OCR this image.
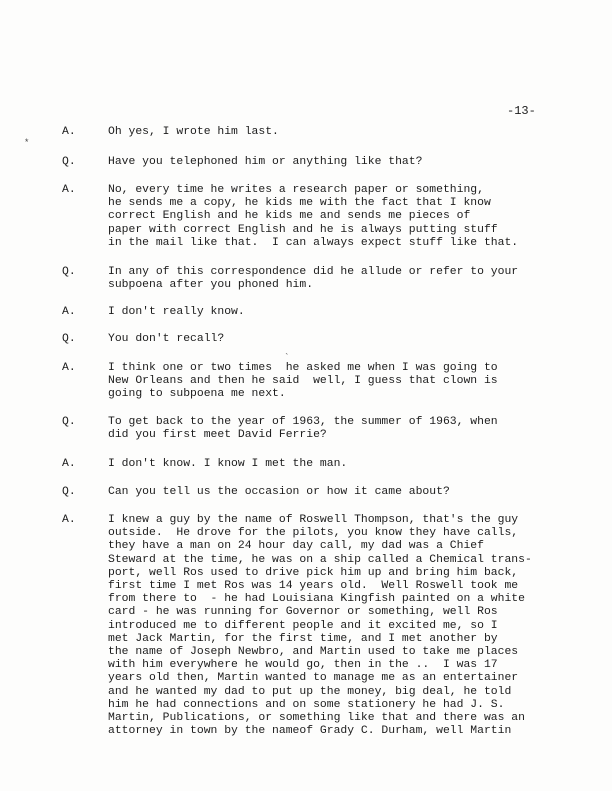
-13-
A.	Oh yes, I wrote him last.
Q.	Have you telephoned him or anything like that?
A.	No, every time he writes a research paper or something,
he sends me a copy, he kids me with the fact that I know
correct English and he kids me and sends me pieces of
paper with correct English and he is always putting stuff
in the mail like that.  I can always expect stuff like that.
Q.	In any of this correspondence did he allude or refer to your
subpoena after you phoned him.
A.	I don't really know.
Q.	You don't recall?
A.	I think one or two times  he asked me when I was going to
New Orleans and then he said  well, I guess that clown is
going to subpoena me next.
Q.	To get back to the year of 1963, the summer of 1963, when
did you first meet David Ferrie?
A.	I don't know. I know I met the man.
Q.	Can you tell us the occasion or how it came about?
A.	I knew a guy by the name of Roswell Thompson, that's the guy
outside.  He drove for the pilots, you know they have calls,
they have a man on 24 hour day call, my dad was a Chief
Steward at the time, he was on a ship called a Chemical trans-
port, well Ros used to drive pick him up and bring him back,
first time I met Ros was 14 years old.  Well Roswell took me
from there to  - he had Louisiana Kingfish painted on a white
card - he was running for Governor or something, well Ros
introduced me to different people and it excited me, so I
met Jack Martin, for the first time, and I met another by
the name of Joseph Newbro, and Martin used to take me places
with him everywhere he would go, then in the ..  I was 17
years old then, Martin wanted to manage me as an entertainer
and he wanted my dad to put up the money, big deal, he told
him he had connections and on some stationery he had J. S.
Martin, Publications, or something like that and there was an
attorney in town by the nameof Grady C. Durham, well Martin
*
`
